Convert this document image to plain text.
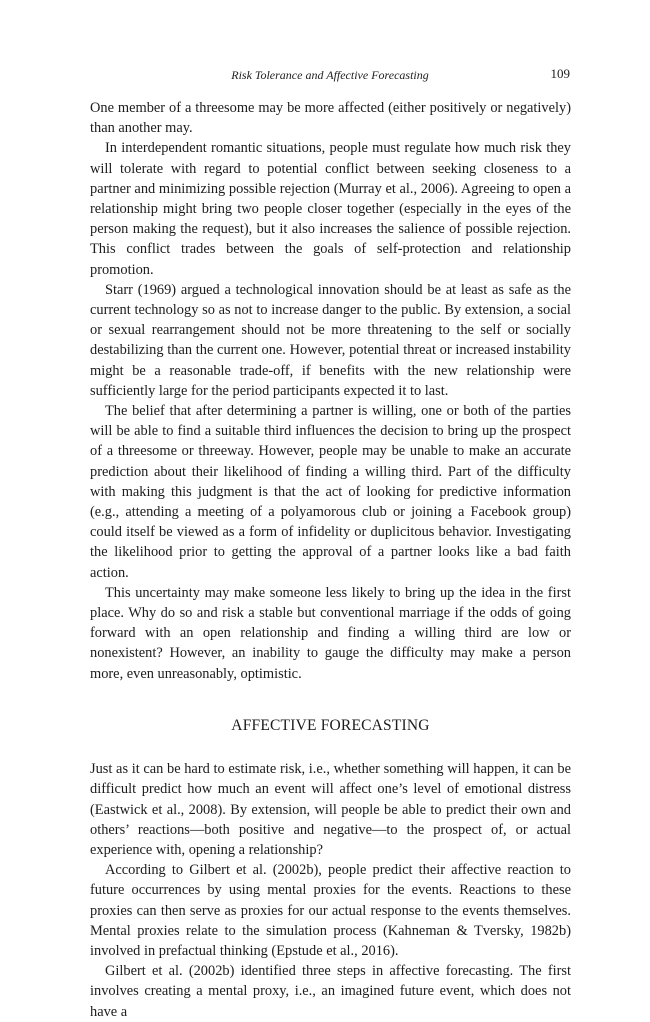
Risk Tolerance and Affective Forecasting	109

One member of a threesome may be more affected (either positively or negatively) than another may.

In interdependent romantic situations, people must regulate how much risk they will tolerate with regard to potential conflict between seeking closeness to a partner and minimizing possible rejection (Murray et al., 2006). Agreeing to open a relationship might bring two people closer together (especially in the eyes of the person making the request), but it also increases the salience of possible rejection. This conflict trades between the goals of self-protection and relationship promotion.

Starr (1969) argued a technological innovation should be at least as safe as the current technology so as not to increase danger to the public. By extension, a social or sexual rearrangement should not be more threatening to the self or socially destabilizing than the current one. However, potential threat or increased instability might be a reasonable trade-off, if benefits with the new relationship were sufficiently large for the period participants expected it to last.

The belief that after determining a partner is willing, one or both of the parties will be able to find a suitable third influences the decision to bring up the prospect of a threesome or threeway. However, people may be unable to make an accurate prediction about their likelihood of finding a willing third. Part of the difficulty with making this judgment is that the act of looking for predictive information (e.g., attending a meeting of a polyamorous club or joining a Facebook group) could itself be viewed as a form of infidelity or duplicitous behavior. Investigating the likelihood prior to getting the approval of a partner looks like a bad faith action.

This uncertainty may make someone less likely to bring up the idea in the first place. Why do so and risk a stable but conventional marriage if the odds of going forward with an open relationship and finding a willing third are low or nonexistent? However, an inability to gauge the difficulty may make a person more, even unreasonably, optimistic.

AFFECTIVE FORECASTING

Just as it can be hard to estimate risk, i.e., whether something will happen, it can be difficult predict how much an event will affect one’s level of emotional distress (Eastwick et al., 2008). By extension, will people be able to predict their own and others’ reactions—both positive and negative—to the prospect of, or actual experience with, opening a relationship?

According to Gilbert et al. (2002b), people predict their affective reaction to future occurrences by using mental proxies for the events. Reactions to these proxies can then serve as proxies for our actual response to the events themselves. Mental proxies relate to the simulation process (Kahneman & Tversky, 1982b) involved in prefactual thinking (Epstude et al., 2016).

Gilbert et al. (2002b) identified three steps in affective forecasting. The first involves creating a mental proxy, i.e., an imagined future event, which does not have a
